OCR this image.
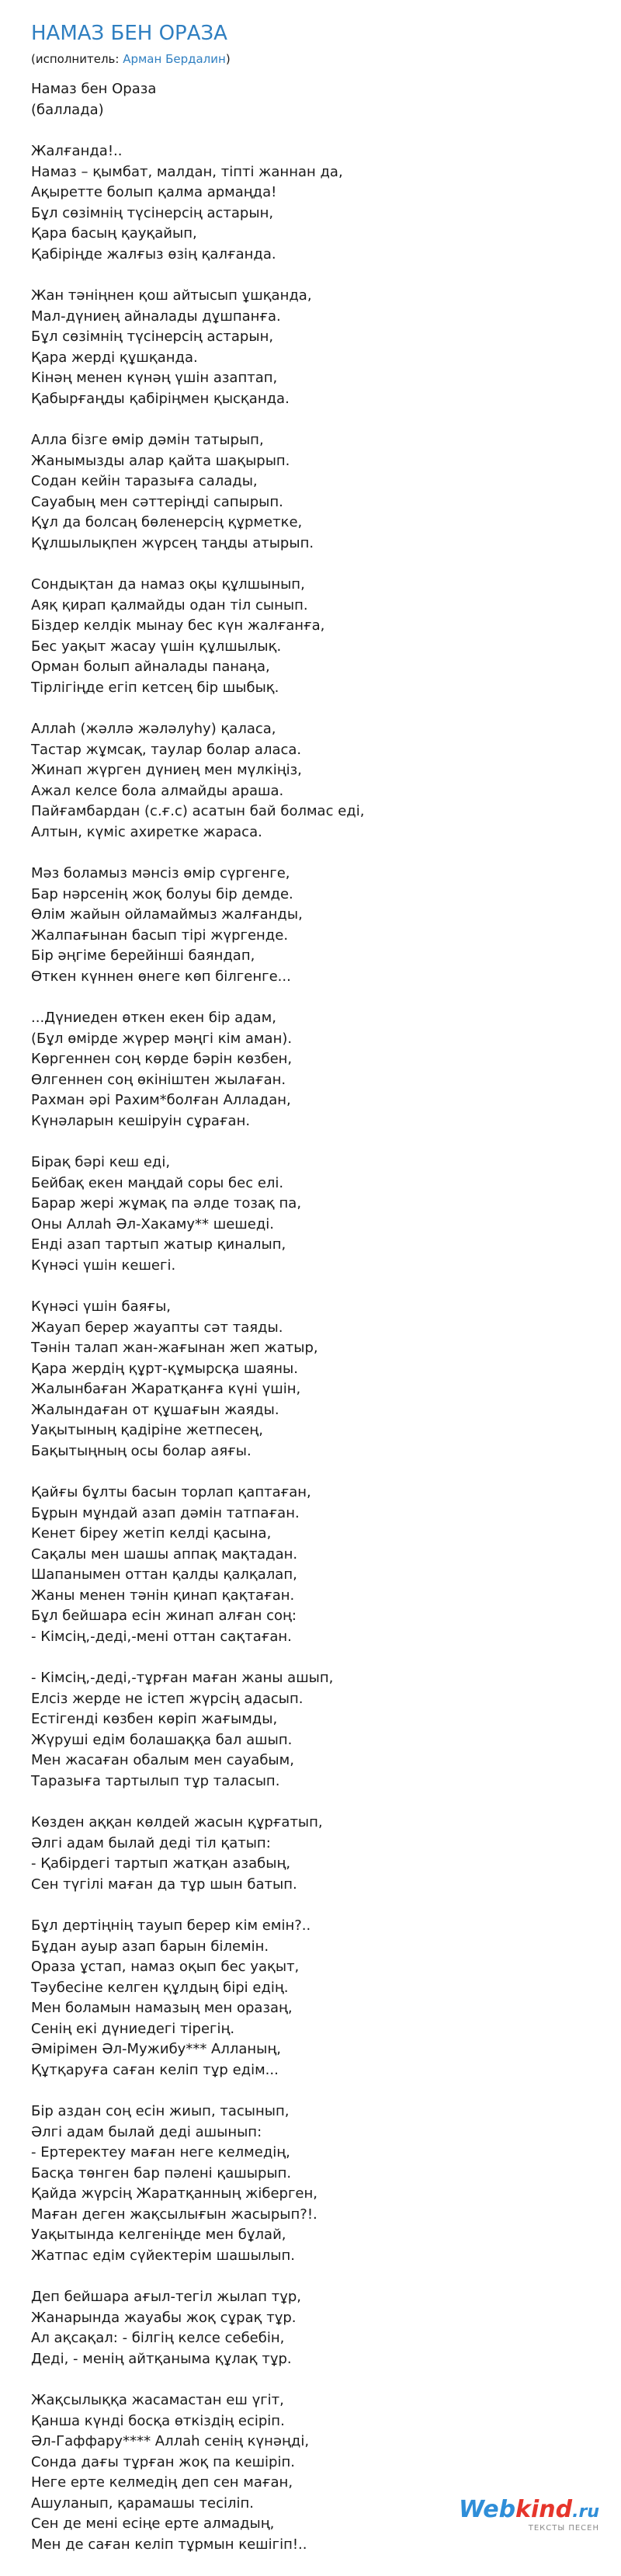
НАМАЗ БЕН ОРАЗА
(исполнитель: Арман Бердалин)
Намаз бен Ораза
(баллада)
Жалғанда!..
Намаз – қымбат, малдан, тіпті жаннан да,
Ақыретте болып қалма армаңда!
Бұл сөзімнің түсінерсің астарын,
Қара басың қауқайып,
Қабіріңде жалғыз өзің қалғанда.
Жан тәніңнен қош айтысып ұшқанда,
Мал-дүниең айналады дұшпанға.
Бұл сөзімнің түсінерсің астарын,
Қара жерді құшқанда.
Кінәң менен күнәң үшін азаптап,
Қабырғаңды қабіріңмен қысқанда.
Алла бізге өмір дәмін татырып,
Жанымызды алар қайта шақырып.
Содан кейін таразыға салады,
Сауабың мен сәттеріңді сапырып.
Құл да болсаң бөленерсің құрметке,
Құлшылықпен жүрсең таңды атырып.
Сондықтан да намаз оқы құлшынып,
Аяқ қирап қалмайды одан тіл сынып.
Біздер келдік мынау бес күн жалғанға,
Бес уақыт жасау үшін құлшылық.
Орман болып айналады панаңа,
Тірлігіңде егіп кетсең бір шыбық.
Аллаһ (жәллә жәләлуһу) қаласа,
Тастар жұмсақ, таулар болар аласа.
Жинап жүрген дүниең мен мүлкіңіз,
Ажал келсе бола алмайды араша.
Пайғамбардан (с.ғ.с) асатын бай болмас еді,
Алтын, күміс ахиретке жараса.
Мәз боламыз мәнсіз өмір сүргенге,
Бар нәрсенің жоқ болуы бір демде.
Өлім жайын ойламаймыз жалғанды,
Жалпағынан басып тірі жүргенде.
Бір әңгіме берейінші баяндап,
Өткен күннен өнеге көп білгенге...
...Дүниеден өткен екен бір адам,
(Бұл өмірде жүрер мәңгі кім аман).
Көргеннен соң көрде бәрін көзбен,
Өлгеннен соң өкініштен жылаған.
Рахман әрі Рахим*болған Алладан,
Күнәларын кешіруін сұраған.
Бірақ бәрі кеш еді,
Бейбақ екен маңдай соры бес елі.
Барар жері жұмақ па әлде тозақ па,
Оны Аллаһ Әл-Хакаму** шешеді.
Енді азап тартып жатыр қиналып,
Күнәсі үшін кешегі.
Күнәсі үшін баяғы,
Жауап берер жауапты сәт таяды.
Тәнін талап жан-жағынан жеп жатыр,
Қара жердің құрт-құмырсқа шаяны.
Жалынбаған Жаратқанға күні үшін,
Жалындаған от құшағын жаяды.
Уақытының қадіріне жетпесең,
Бақытыңның осы болар аяғы.
Қайғы бұлты басын торлап қаптаған,
Бұрын мұндай азап дәмін татпаған.
Кенет біреу жетіп келді қасына,
Сақалы мен шашы аппақ мақтадан.
Шапанымен оттан қалды қалқалап,
Жаны менен тәнін қинап қақтаған.
Бұл бейшара есін жинап алған соң:
- Кімсің,-деді,-мені оттан сақтаған.
- Кімсің,-деді,-тұрған маған жаны ашып,
Елсіз жерде не істеп жүрсің адасып.
Естігенді көзбен көріп жағымды,
Жүруші едім болашаққа бал ашып.
Мен жасаған обалым мен сауабым,
Таразыға тартылып тұр таласып.
Көзден аққан көлдей жасын құрғатып,
Әлгі адам былай деді тіл қатып:
- Қабірдегі тартып жатқан азабың,
Сен түгілі маған да тұр шын батып.
Бұл дертіңнің тауып берер кім емін?..
Бұдан ауыр азап барын білемін.
Ораза ұстап, намаз оқып бес уақыт,
Тәубесіне келген құлдың бірі едің.
Мен боламын намазың мен оразаң,
Сенің екі дүниедегі тірегің.
Әмірімен Әл-Мужибу*** Алланың,
Құтқаруға саған келіп тұр едім...
Бір аздан соң есін жиып, тасынып,
Әлгі адам былай деді ашынып:
- Ертеректеу маған неге келмедің,
Басқа төнген бар пәлені қашырып.
Қайда жүрсің Жаратқанның жіберген,
Маған деген жақсылығын жасырып?!.
Уақытында келгеніңде мен бұлай,
Жатпас едім сүйектерім шашылып.
Деп бейшара ағыл-тегіл жылап тұр,
Жанарында жауабы жоқ сұрақ тұр.
Ал ақсақал: - білгің келсе себебін,
Деді, - менің айтқаныма құлақ тұр.
Жақсылыққа жасамастан еш үгіт,
Қанша күнді босқа өткіздің есіріп.
Әл-Гаффару**** Аллаһ сенің күнәңді,
Сонда дағы тұрған жоқ па кешіріп.
Неге ерте келмедің деп сен маған,
Ашуланып, қарамашы тесіліп.
Сен де мені есіңе ерте алмадың,
Мен де саған келіп тұрмын кешігіп!..
Webkind.ru
ТЕКСТЫ ПЕСЕН
